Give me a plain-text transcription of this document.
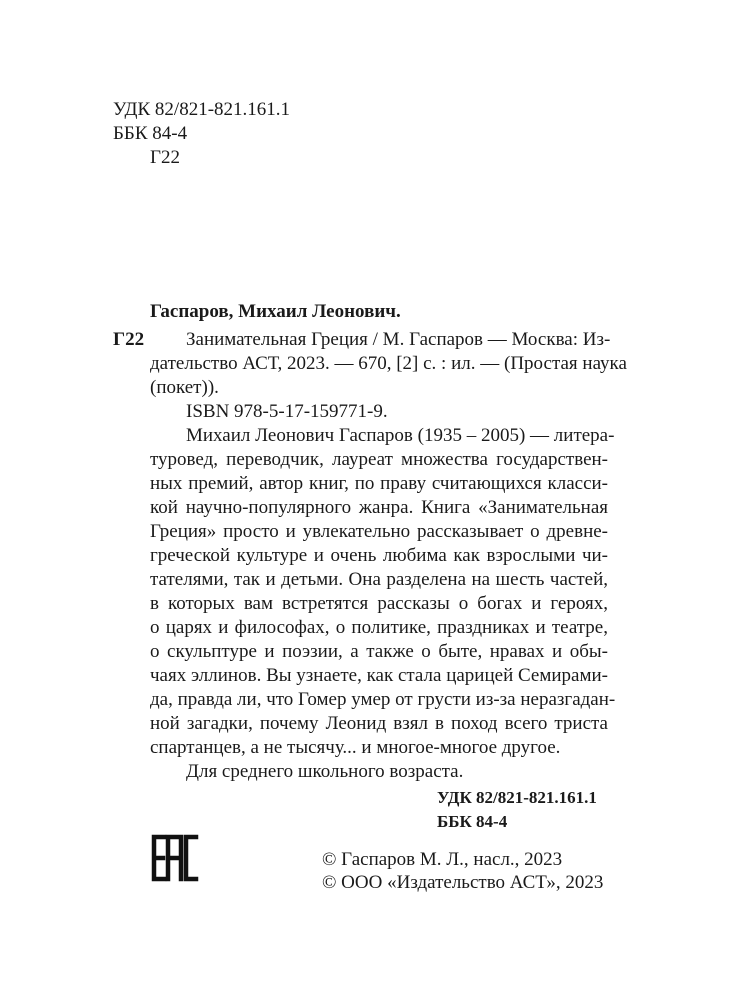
УДК 82/821-821.161.1
ББК 84-4
Г22
Гаспаров, Михаил Леонович.
Г22 Занимательная Греция / М. Гаспаров — Москва: Из-
дательство АСТ, 2023. — 670, [2] с. : ил. — (Простая наука
(покет)).
ISBN 978-5-17-159771-9.
Михаил Леонович Гаспаров (1935 – 2005) — литера-
туровед, переводчик, лауреат множества государствен-
ных премий, автор книг, по праву считающихся класси-
кой научно-популярного жанра. Книга «Занимательная
Греция» просто и увлекательно рассказывает о древне-
греческой культуре и очень любима как взрослыми чи-
тателями, так и детьми. Она разделена на шесть частей,
в которых вам встретятся рассказы о богах и героях,
о царях и философах, о политике, праздниках и театре,
о скульптуре и поэзии, а также о быте, нравах и обы-
чаях эллинов. Вы узнаете, как стала царицей Семирами-
да, правда ли, что Гомер умер от грусти из-за неразгадан-
ной загадки, почему Леонид взял в поход всего триста
спартанцев, а не тысячу... и многое-многое другое.
Для среднего школьного возраста.
УДК 82/821-821.161.1
ББК 84-4
© Гаспаров М. Л., насл., 2023
© ООО «Издательство АСТ», 2023
